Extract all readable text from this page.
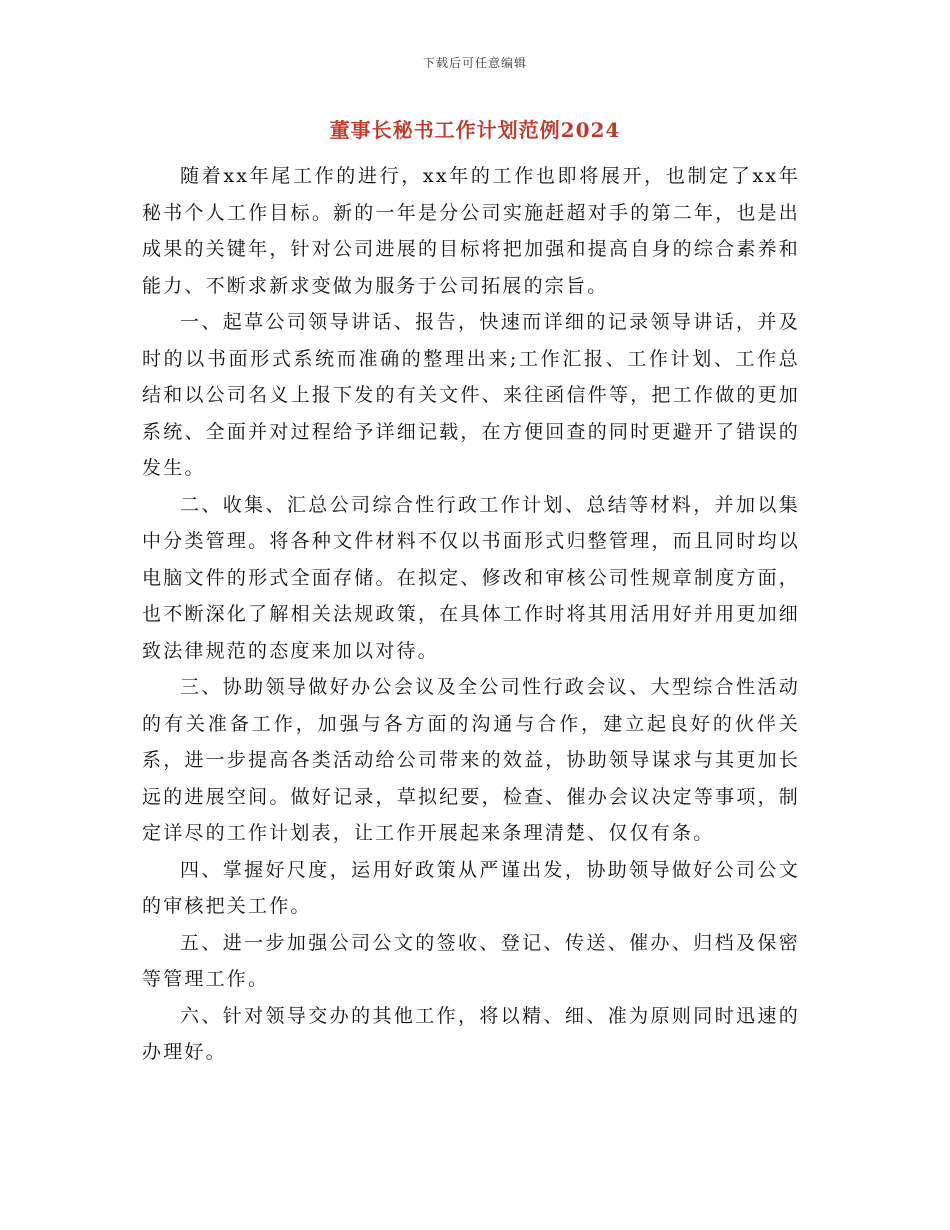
下载后可任意编辑
董事长秘书工作计划范例2024

随着xx年尾工作的进行，xx年的工作也即将展开，也制定了xx年秘书个人工作目标。新的一年是分公司实施赶超对手的第二年，也是出成果的关键年，针对公司进展的目标将把加强和提高自身的综合素养和能力、不断求新求变做为服务于公司拓展的宗旨。

一、起草公司领导讲话、报告，快速而详细的记录领导讲话，并及时的以书面形式系统而准确的整理出来;工作汇报、工作计划、工作总结和以公司名义上报下发的有关文件、来往函信件等，把工作做的更加系统、全面并对过程给予详细记载，在方便回查的同时更避开了错误的发生。

二、收集、汇总公司综合性行政工作计划、总结等材料，并加以集中分类管理。将各种文件材料不仅以书面形式归整管理，而且同时均以电脑文件的形式全面存储。在拟定、修改和审核公司性规章制度方面，也不断深化了解相关法规政策，在具体工作时将其用活用好并用更加细致法律规范的态度来加以对待。

三、协助领导做好办公会议及全公司性行政会议、大型综合性活动的有关准备工作，加强与各方面的沟通与合作，建立起良好的伙伴关系，进一步提高各类活动给公司带来的效益，协助领导谋求与其更加长远的进展空间。做好记录，草拟纪要，检查、催办会议决定等事项，制定详尽的工作计划表，让工作开展起来条理清楚、仅仅有条。

四、掌握好尺度，运用好政策从严谨出发，协助领导做好公司公文的审核把关工作。

五、进一步加强公司公文的签收、登记、传送、催办、归档及保密等管理工作。

六、针对领导交办的其他工作，将以精、细、准为原则同时迅速的办理好。
